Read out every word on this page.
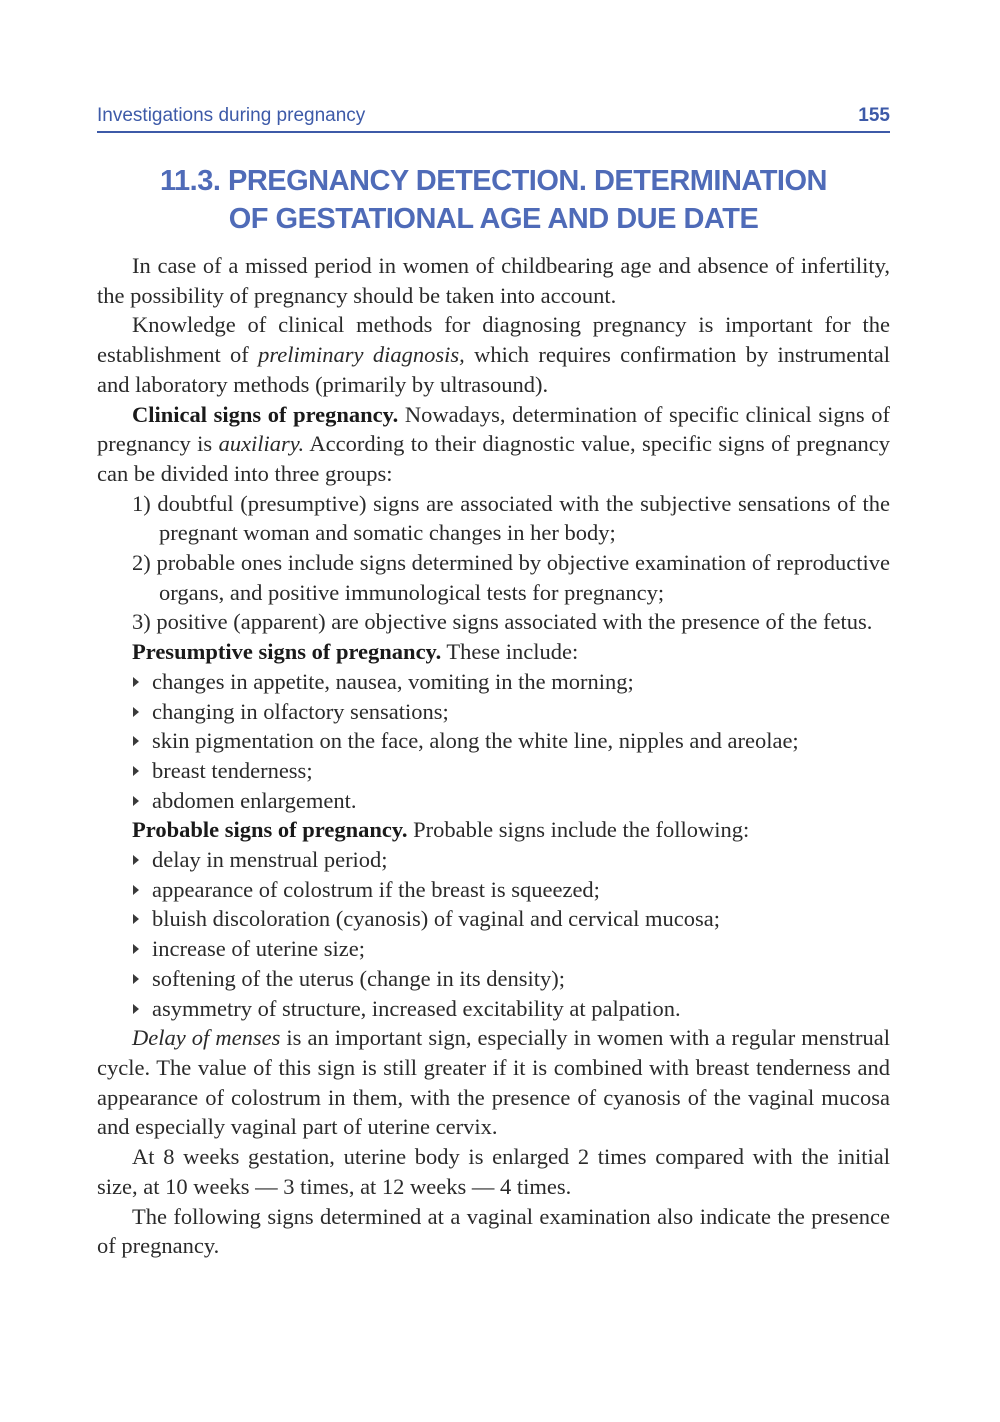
Investigations during pregnancy	155
11.3. PREGNANCY DETECTION. DETERMINATION
OF GESTATIONAL AGE AND DUE DATE

In case of a missed period in women of childbearing age and absence of infertility, the possibility of pregnancy should be taken into account.

Knowledge of clinical methods for diagnosing pregnancy is important for the establishment of preliminary diagnosis, which requires confirmation by instrumental and laboratory methods (primarily by ultrasound).

Clinical signs of pregnancy. Nowadays, determination of specific clinical signs of pregnancy is auxiliary. According to their diagnostic value, specific signs of pregnancy can be divided into three groups:

1) doubtful (presumptive) signs are associated with the subjective sensations of the pregnant woman and somatic changes in her body;
2) probable ones include signs determined by objective examination of reproductive organs, and positive immunological tests for pregnancy;
3) positive (apparent) are objective signs associated with the presence of the fetus.

Presumptive signs of pregnancy. These include:

changes in appetite, nausea, vomiting in the morning;
changing in olfactory sensations;
skin pigmentation on the face, along the white line, nipples and areolae;
breast tenderness;
abdomen enlargement.

Probable signs of pregnancy. Probable signs include the following:

delay in menstrual period;
appearance of colostrum if the breast is squeezed;
bluish discoloration (cyanosis) of vaginal and cervical mucosa;
increase of uterine size;
softening of the uterus (change in its density);
asymmetry of structure, increased excitability at palpation.

Delay of menses is an important sign, especially in women with a regular menstrual cycle. The value of this sign is still greater if it is combined with breast tenderness and appearance of colostrum in them, with the presence of cyanosis of the vaginal mucosa and especially vaginal part of uterine cervix.

At 8 weeks gestation, uterine body is enlarged 2 times compared with the initial size, at 10 weeks — 3 times, at 12 weeks — 4 times.

The following signs determined at a vaginal examination also indicate the presence of pregnancy.
